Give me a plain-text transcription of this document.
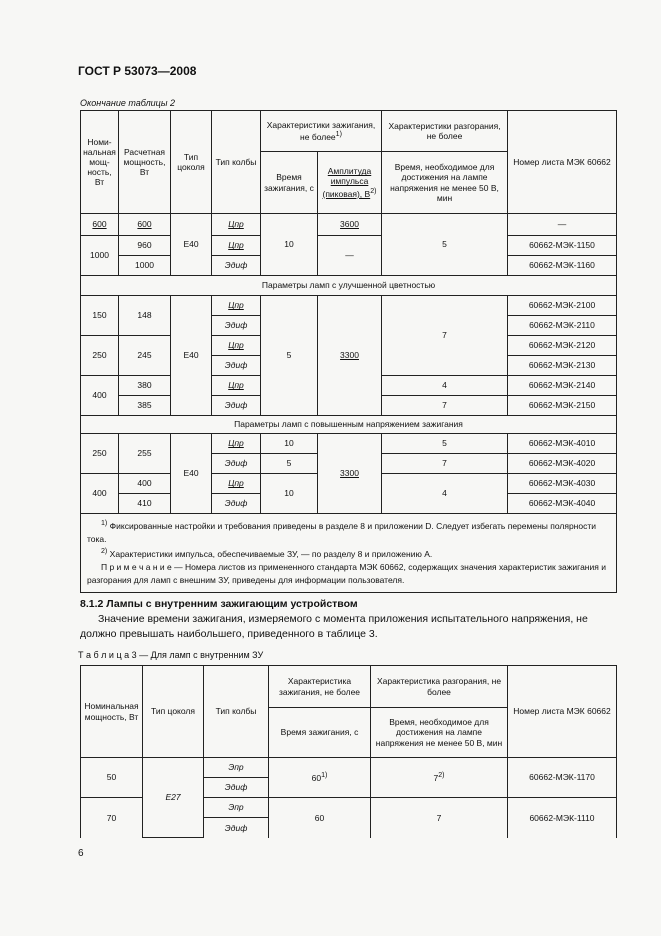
ГОСТ Р 53073—2008
Окончание таблицы 2
Номи-нальная мощ-ность, Вт	Расчетная мощность, Вт	Тип цоколя	Тип колбы	Характеристики зажигания, не более$^{1)}$		Характеристики разгорания, не более	Номер листа МЭК 60662
				Время зажигания, с	Амплитуда импульса (пиковая), $В^{2)}$	Время, необходимое для достижения на лампе напряжения не менее 50 В, мин	
600	600	E40	Цпр	10	3600	5	—
1000	960		Цпр		—		60662-МЭК-1150
	1000		Эдиф				60662-МЭК-1160
Параметры ламп с улучшенной цветностью							
150	148	E40	Цпр	5	3300	7	60662-МЭК-2100
			Эдиф				60662-МЭК-2110
250	245		Цпр				60662-МЭК-2120
			Эдиф				60662-МЭК-2130
400	380		Цпр			4	60662-МЭК-2140
	385		Эдиф			7	60662-МЭК-2150
Параметры ламп с повышенным напряжением зажигания							
250	255	E40	Цпр	10	3300	5	60662-МЭК-4010
			Эдиф	5		7	60662-МЭК-4020
400	400		Цпр	10		4	60662-МЭК-4030
	410		Эдиф				60662-МЭК-4040

$^{1)}$ Фиксированные настройки и требования приведены в разделе 8 и приложении D. Следует избегать перемены полярности тока.
$^{2)}$ Характеристики импульса, обеспечиваемые ЗУ, — по разделу 8 и приложению А.
П р и м е ч а н и е — Номера листов из примененного стандарта МЭК 60662, содержащих значения характеристик зажигания и разгорания для ламп с внешним ЗУ, приведены для информации пользователя.							
8.1.2 Лампы с внутренним зажигающим устройством
Значение времени зажигания, измеряемого с момента приложения испытательного напряжения, не должно превышать наибольшего, приведенного в таблице 3.
Т а б л и ц а 3 — Для ламп с внутренним ЗУ
Номинальная мощность, Вт	Тип цоколя	Тип колбы	Характеристика зажигания, не более	Характеристика разгорания, не более	Номер листа МЭК 60662
			Время зажигания, с	Время, необходимое для достижения на лампе напряжения не менее 50 В, мин	
50	E27	Эпр	60$^{1)}$	7$^{2)}$	60662-МЭК-1170
		Эдиф			
70		Эпр	60	7	60662-МЭК-1110
		Эдиф			
6
